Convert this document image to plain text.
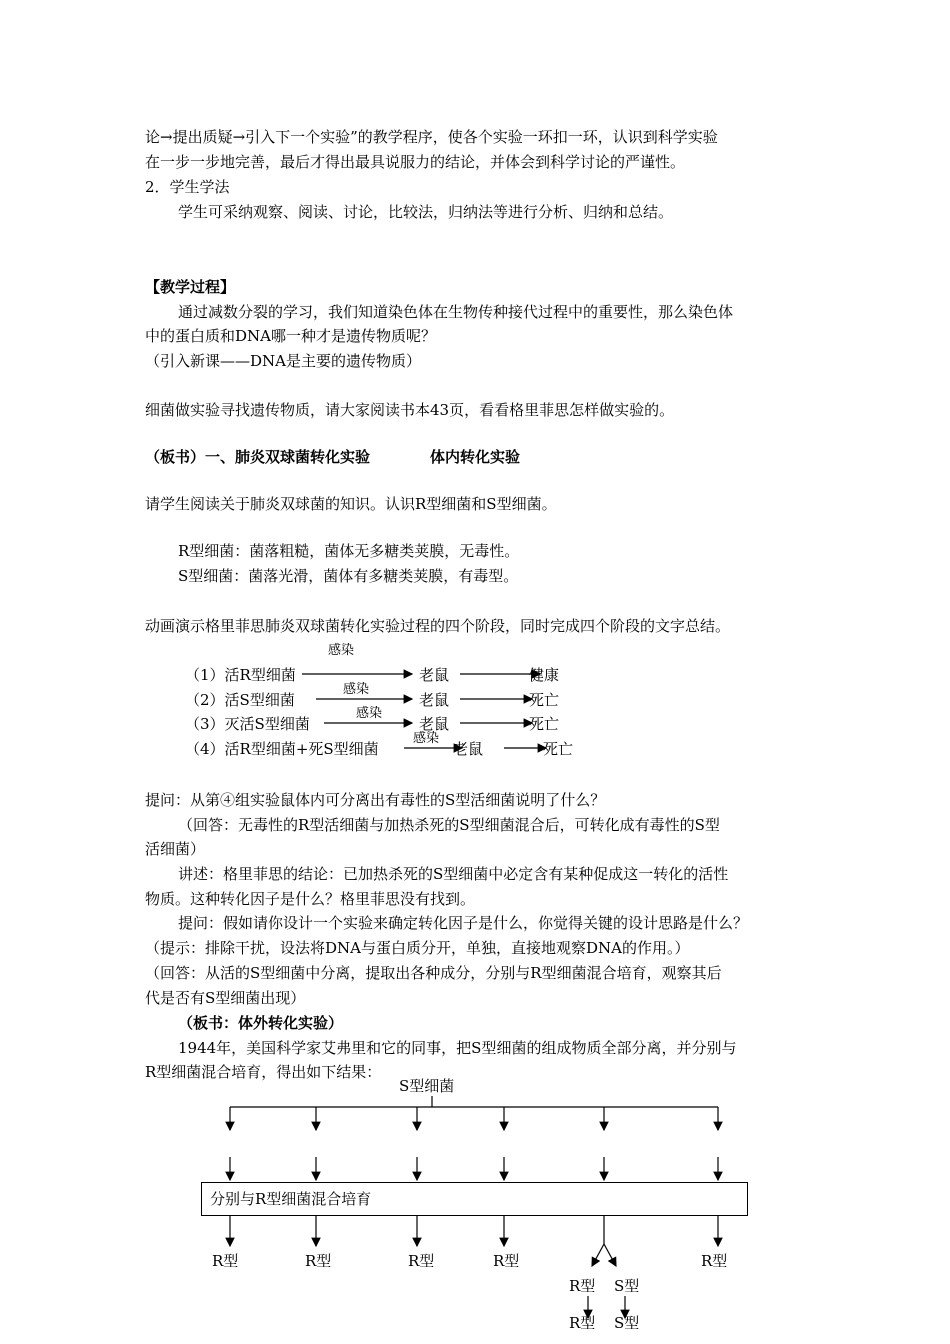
论→提出质疑→引入下一个实验”的教学程序，使各个实验一环扣一环，认识到科学实验
在一步一步地完善，最后才得出最具说服力的结论，并体会到科学讨论的严谨性。
2．学生学法
学生可采纳观察、阅读、讨论，比较法，归纳法等进行分析、归纳和总结。
【教学过程】
通过减数分裂的学习，我们知道染色体在生物传种接代过程中的重要性，那么染色体
中的蛋白质和DNA哪一种才是遗传物质呢？
（引入新课——DNA是主要的遗传物质）
细菌做实验寻找遗传物质，请大家阅读书本43页，看看格里菲思怎样做实验的。
（板书）一、肺炎双球菌转化实验	体内转化实验
请学生阅读关于肺炎双球菌的知识。认识R型细菌和S型细菌。
R型细菌：菌落粗糙，菌体无多糖类荚膜，无毒性。
S型细菌：菌落光滑，菌体有多糖类荚膜，有毒型。
动画演示格里菲思肺炎双球菌转化实验过程的四个阶段，同时完成四个阶段的文字总结。
感染
（1）活R型细菌	老鼠	健康
感染
（2）活S型细菌	老鼠	死亡
感染
（3）灭活S型细菌	老鼠	死亡
感染
（4）活R型细菌+死S型细菌	老鼠	死亡
提问：从第④组实验鼠体内可分离出有毒性的S型活细菌说明了什么？
（回答：无毒性的R型活细菌与加热杀死的S型细菌混合后，可转化成有毒性的S型
活细菌）
讲述：格里菲思的结论：已加热杀死的S型细菌中必定含有某种促成这一转化的活性
物质。这种转化因子是什么？格里菲思没有找到。
提问：假如请你设计一个实验来确定转化因子是什么，你觉得关键的设计思路是什么？
（提示：排除干扰，设法将DNA与蛋白质分开，单独，直接地观察DNA的作用。）
（回答：从活的S型细菌中分离，提取出各种成分，分别与R型细菌混合培育，观察其后
代是否有S型细菌出现）
（板书：体外转化实验）
1944年，美国科学家艾弗里和它的同事，把S型细菌的组成物质全部分离，并分别与
R型细菌混合培育，得出如下结果：
S型细菌
分别与R型细菌混合培育
R型	R型	R型	R型
R型 S型
R型
R型 S型
